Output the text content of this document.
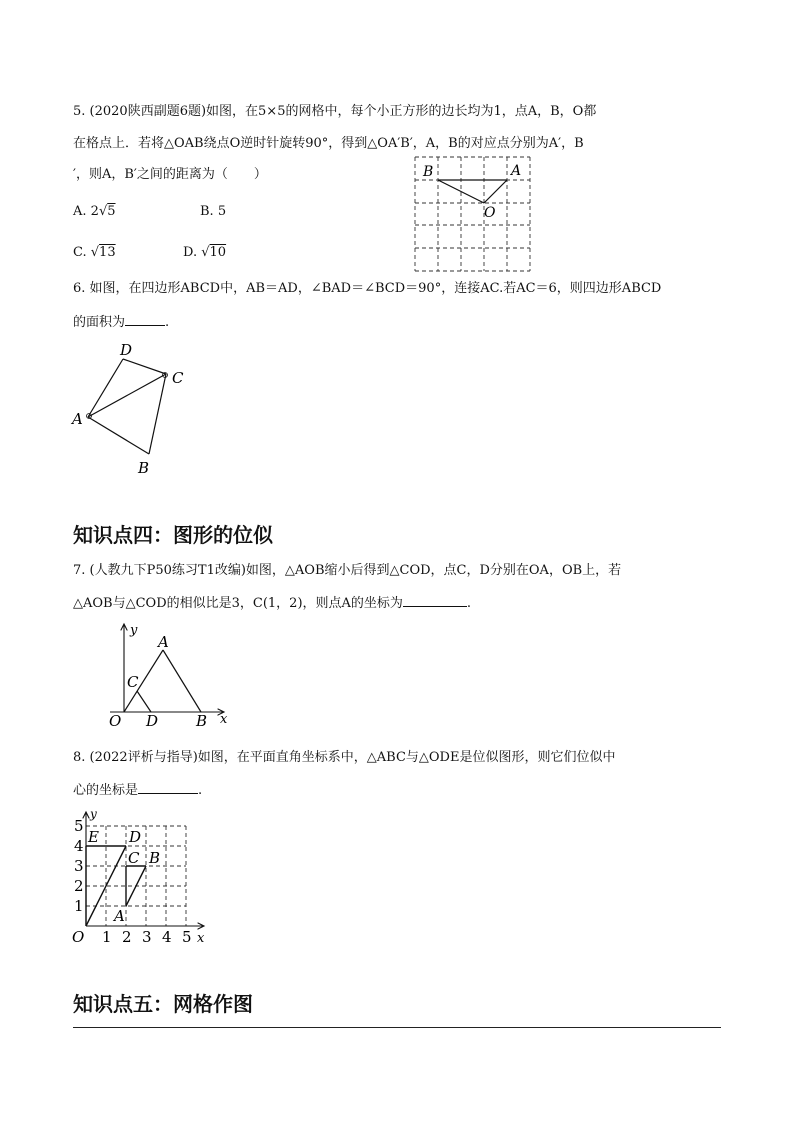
5. (2020陕西副题6题)如图，在5×5的网格中，每个小正方形的边长均为1，点A，B，O都
在格点上．若将△OAB绕点O逆时针旋转90°，得到△OA′B′，A，B的对应点分别为A′，B
′，则A，B′之间的距离为（　　）
A. 2√5	B. 5
C. √13	D. √10
B	A
O
6. 如图，在四边形ABCD中，AB＝AD，∠BAD＝∠BCD＝90°，连接AC.若AC＝6，则四边形ABCD
的面积为	.
D
C
A
B
知识点四：图形的位似
7. (人教九下P50练习T1改编)如图，△AOB缩小后得到△COD，点C，D分别在OA，OB上，若
△AOB与△COD的相似比是3，C(1，2)，则点A的坐标为	.
y
A
C
O D	B x
8. (2022评析与指导)如图，在平面直角坐标系中，△ABC与△ODE是位似图形，则它们位似中
心的坐标是	.
y
5
4
3
2
1
O 1 2 3 4 5 x
E D
C B
A
知识点五：网格作图
